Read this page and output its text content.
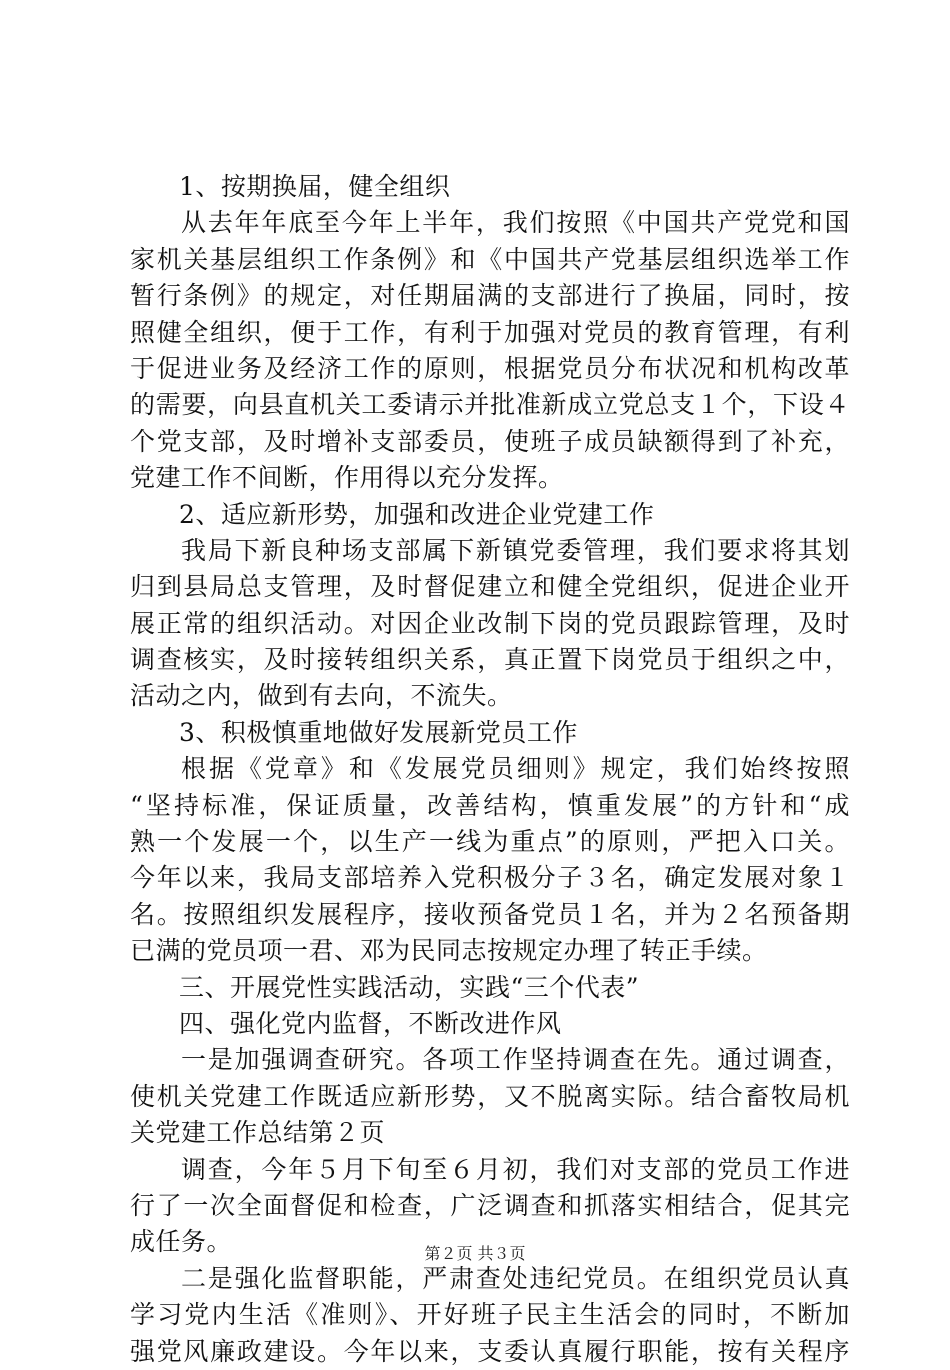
1、按期换届，健全组织
从去年年底至今年上半年，我们按照《中国共产党党和国
家机关基层组织工作条例》和《中国共产党基层组织选举工作
暂行条例》的规定，对任期届满的支部进行了换届，同时，按
照健全组织，便于工作，有利于加强对党员的教育管理，有利
于促进业务及经济工作的原则，根据党员分布状况和机构改革
的需要，向县直机关工委请示并批准新成立党总支１个，下设４
个党支部，及时增补支部委员，使班子成员缺额得到了补充，
党建工作不间断，作用得以充分发挥。
2、适应新形势，加强和改进企业党建工作
我局下新良种场支部属下新镇党委管理，我们要求将其划
归到县局总支管理，及时督促建立和健全党组织，促进企业开
展正常的组织活动。对因企业改制下岗的党员跟踪管理，及时
调查核实，及时接转组织关系，真正置下岗党员于组织之中，
活动之内，做到有去向，不流失。
3、积极慎重地做好发展新党员工作
根据《党章》和《发展党员细则》规定，我们始终按照
“坚持标准，保证质量，改善结构，慎重发展”的方针和“成
熟一个发展一个，以生产一线为重点”的原则，严把入口关。
今年以来，我局支部培养入党积极分子３名，确定发展对象１
名。按照组织发展程序，接收预备党员１名，并为２名预备期
已满的党员项一君、邓为民同志按规定办理了转正手续。
三、开展党性实践活动，实践“三个代表”
四、强化党内监督，不断改进作风
一是加强调查研究。各项工作坚持调查在先。通过调查，
使机关党建工作既适应新形势，又不脱离实际。结合畜牧局机
关党建工作总结第２页
调查，今年５月下旬至６月初，我们对支部的党员工作进
行了一次全面督促和检查，广泛调查和抓落实相结合，促其完
成任务。
二是强化监督职能，严肃查处违纪党员。在组织党员认真
学习党内生活《准则》、开好班子民主生活会的同时，不断加
强党风廉政建设。今年以来，支委认真履行职能，按有关程序
第２页 共３页
